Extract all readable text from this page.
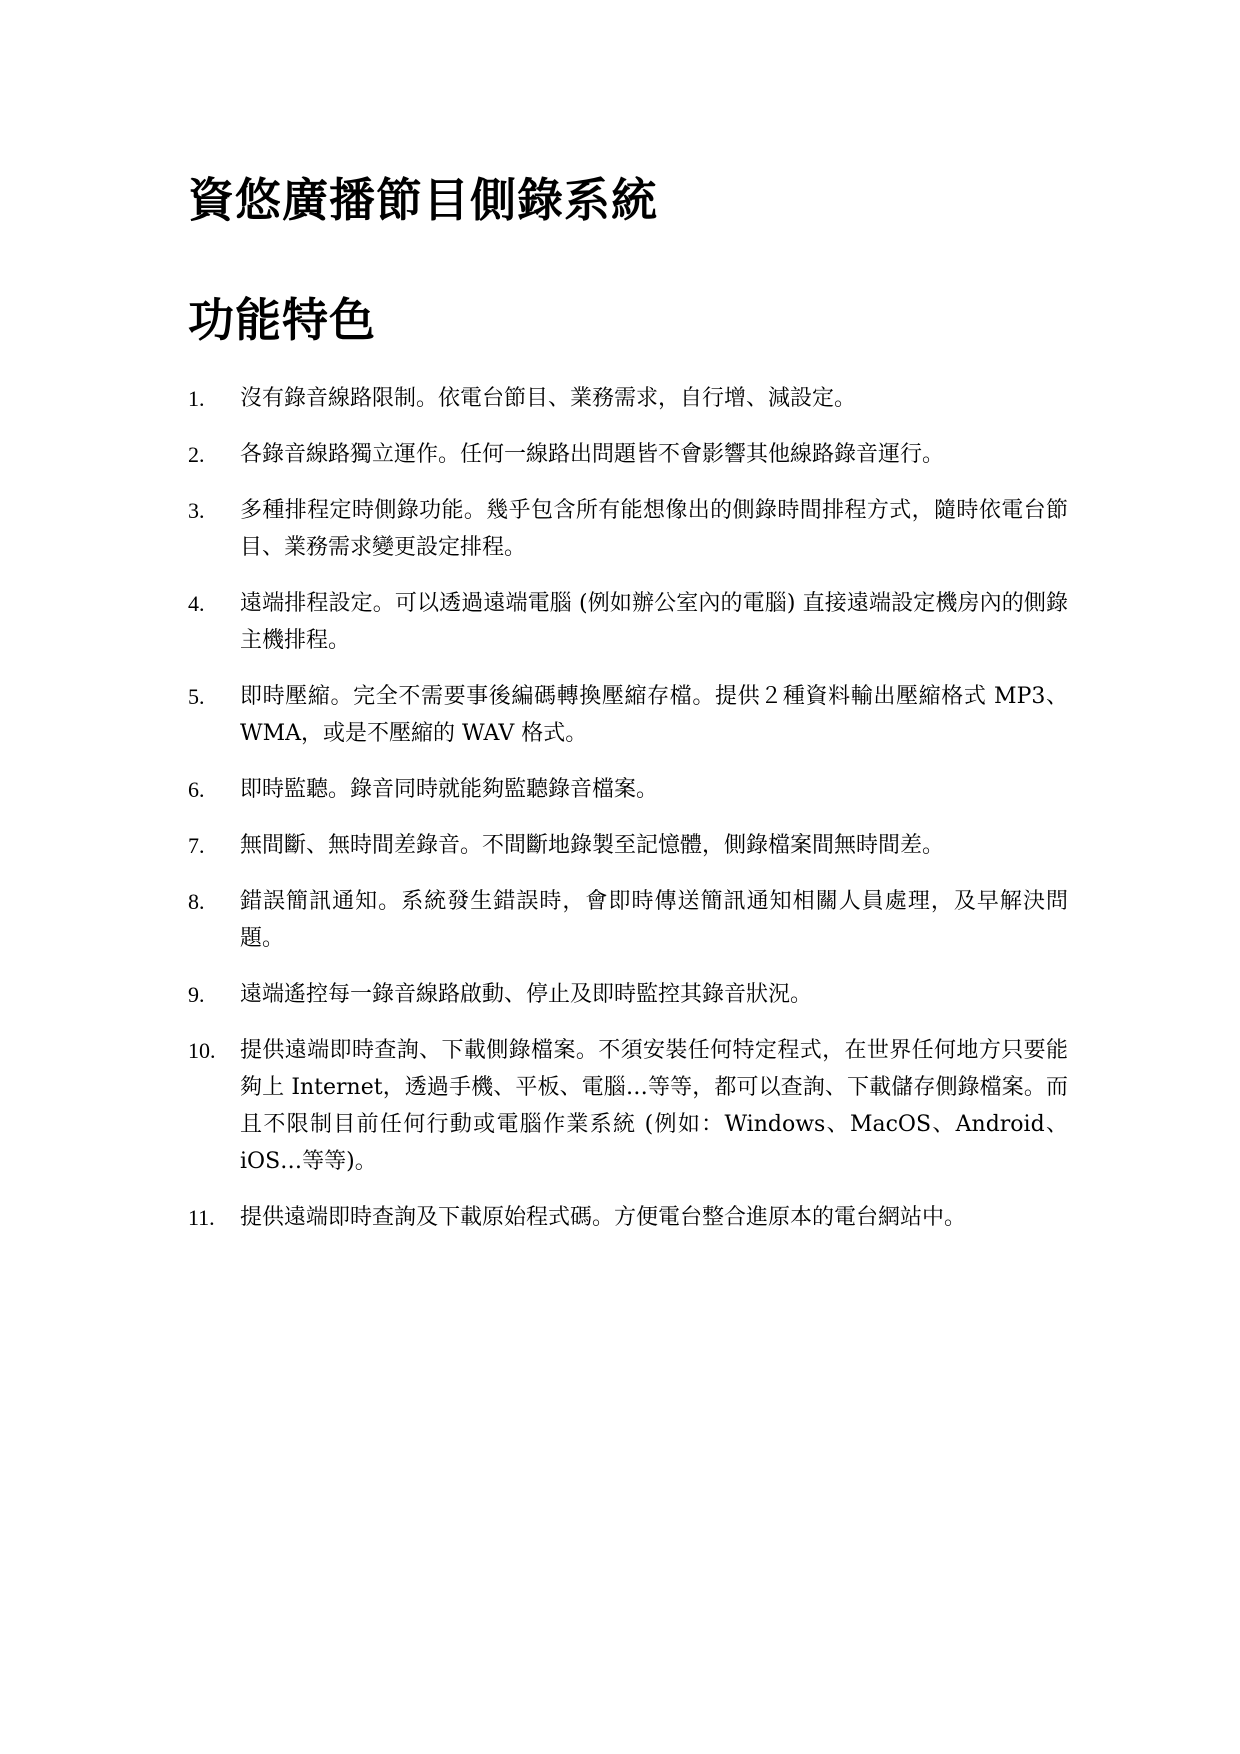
資悠廣播節目側錄系統
功能特色
1.	沒有錄音線路限制。依電台節目、業務需求，自行增、減設定。
2.	各錄音線路獨立運作。任何一線路出問題皆不會影響其他線路錄音運行。
3.	多種排程定時側錄功能。幾乎包含所有能想像出的側錄時間排程方式，隨時依電台節目、業務需求變更設定排程。
4.	遠端排程設定。可以透過遠端電腦 (例如辦公室內的電腦) 直接遠端設定機房內的側錄主機排程。
5.	即時壓縮。完全不需要事後編碼轉換壓縮存檔。提供２種資料輸出壓縮格式 MP3、WMA，或是不壓縮的 WAV 格式。
6.	即時監聽。錄音同時就能夠監聽錄音檔案。
7.	無間斷、無時間差錄音。不間斷地錄製至記憶體，側錄檔案間無時間差。
8.	錯誤簡訊通知。系統發生錯誤時，會即時傳送簡訊通知相關人員處理，及早解決問題。
9.	遠端遙控每一錄音線路啟動、停止及即時監控其錄音狀況。
10.	提供遠端即時查詢、下載側錄檔案。不須安裝任何特定程式，在世界任何地方只要能夠上 Internet，透過手機、平板、電腦…等等，都可以查詢、下載儲存側錄檔案。而且不限制目前任何行動或電腦作業系統 (例如：Windows、MacOS、Android、iOS…等等)。
11.	提供遠端即時查詢及下載原始程式碼。方便電台整合進原本的電台網站中。
